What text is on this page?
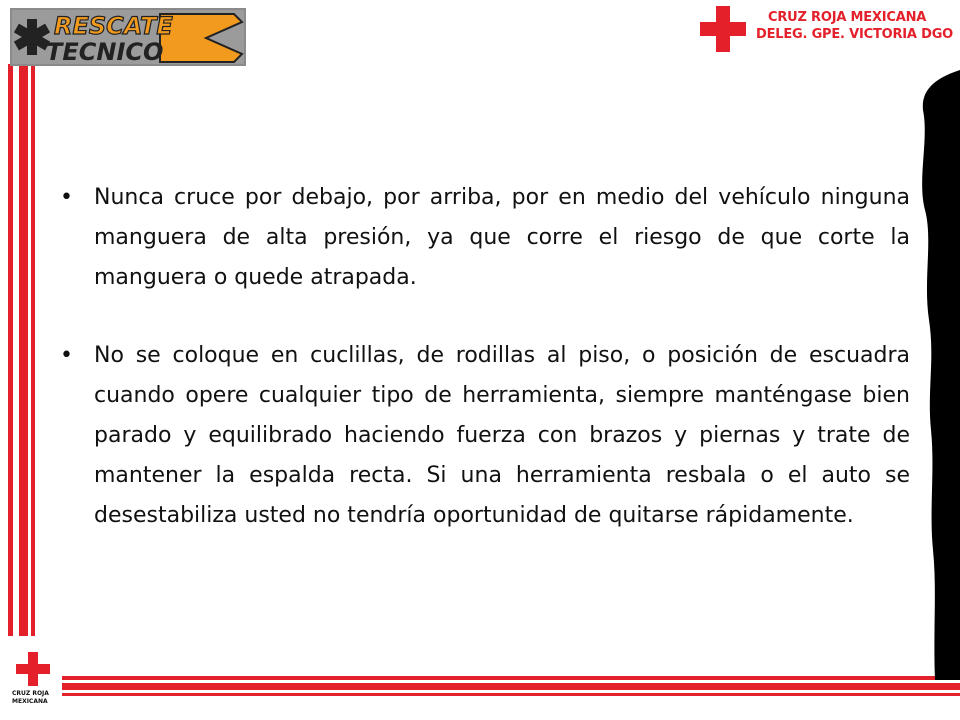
RESCATE
TECNICO
CRUZ ROJA MEXICANA
DELEG. GPE. VICTORIA DGO
• Nunca cruce por debajo, por arriba, por en medio del vehículo ninguna manguera de alta presión, ya que corre el riesgo de que corte la manguera o quede atrapada.
• No se coloque en cuclillas, de rodillas al piso, o posición de escuadra cuando opere cualquier tipo de herramienta, siempre manténgase bien parado y equilibrado haciendo fuerza con brazos y piernas y trate de mantener la espalda recta. Si una herramienta resbala o el auto se desestabiliza usted no tendría oportunidad de quitarse rápidamente.
CRUZ ROJA
MEXICANA
